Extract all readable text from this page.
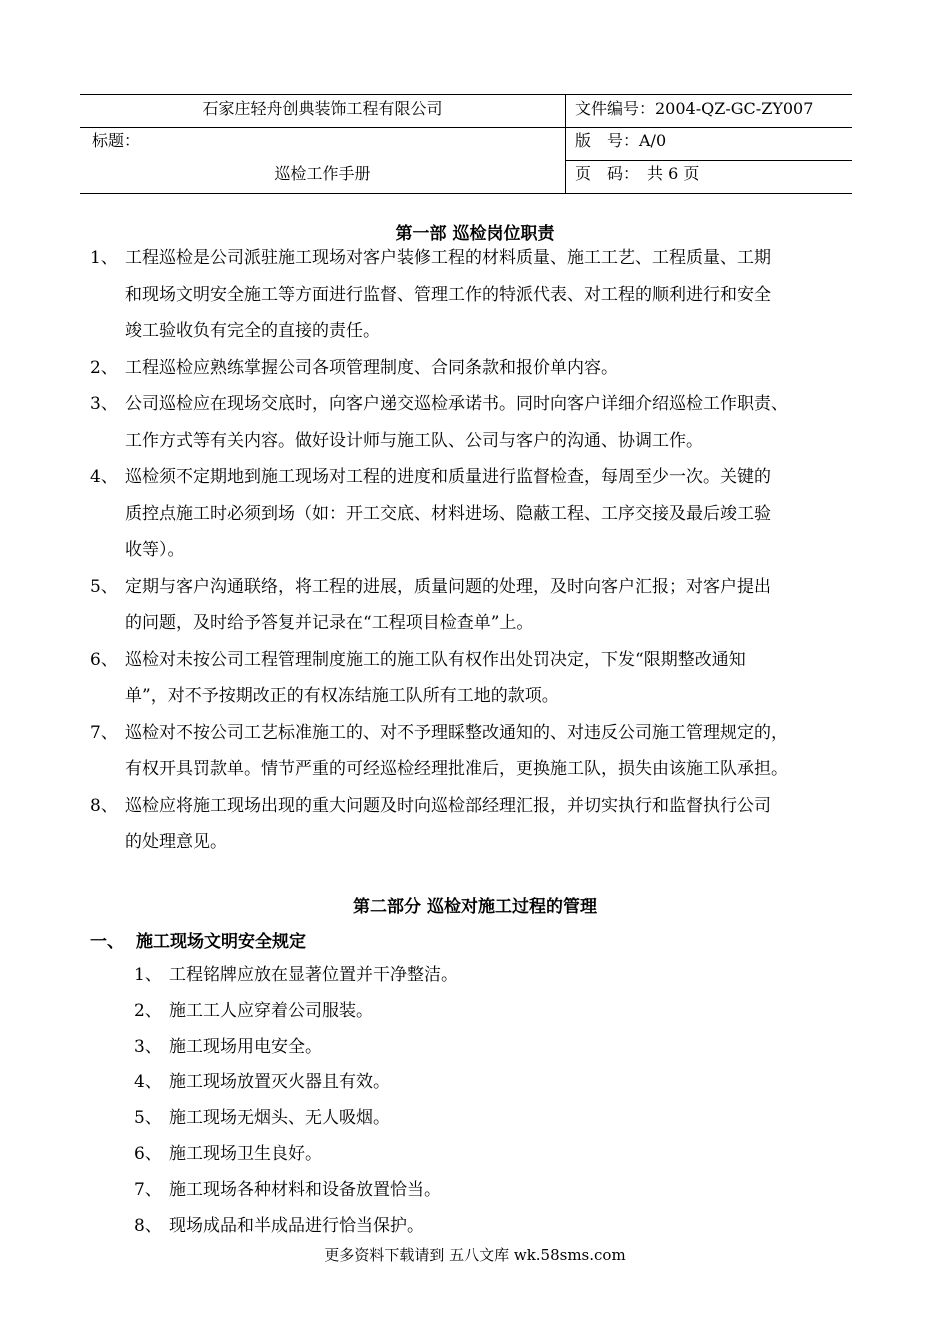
石家庄轻舟创典装饰工程有限公司	文件编号：2004-QZ-GC-ZY007
标题：	版　号：A/0
巡检工作手册	页　码：　共 6 页
第一部 巡检岗位职责
1、 工程巡检是公司派驻施工现场对客户装修工程的材料质量、施工工艺、工程质量、工期
和现场文明安全施工等方面进行监督、管理工作的特派代表、对工程的顺利进行和安全
竣工验收负有完全的直接的责任。
2、 工程巡检应熟练掌握公司各项管理制度、合同条款和报价单内容。
3、 公司巡检应在现场交底时，向客户递交巡检承诺书。同时向客户详细介绍巡检工作职责、
工作方式等有关内容。做好设计师与施工队、公司与客户的沟通、协调工作。
4、 巡检须不定期地到施工现场对工程的进度和质量进行监督检查，每周至少一次。关键的
质控点施工时必须到场（如：开工交底、材料进场、隐蔽工程、工序交接及最后竣工验
收等）。
5、 定期与客户沟通联络，将工程的进展，质量问题的处理，及时向客户汇报；对客户提出
的问题，及时给予答复并记录在“工程项目检查单”上。
6、 巡检对未按公司工程管理制度施工的施工队有权作出处罚决定，下发“限期整改通知
单”，对不予按期改正的有权冻结施工队所有工地的款项。
7、 巡检对不按公司工艺标准施工的、对不予理睬整改通知的、对违反公司施工管理规定的，
有权开具罚款单。情节严重的可经巡检经理批准后，更换施工队，损失由该施工队承担。
8、 巡检应将施工现场出现的重大问题及时向巡检部经理汇报，并切实执行和监督执行公司
的处理意见。
第二部分 巡检对施工过程的管理
一、 施工现场文明安全规定
1、 工程铭牌应放在显著位置并干净整洁。
2、 施工工人应穿着公司服装。
3、 施工现场用电安全。
4、 施工现场放置灭火器且有效。
5、 施工现场无烟头、无人吸烟。
6、 施工现场卫生良好。
7、 施工现场各种材料和设备放置恰当。
8、 现场成品和半成品进行恰当保护。
更多资料下载请到 五八文库 wk.58sms.com
